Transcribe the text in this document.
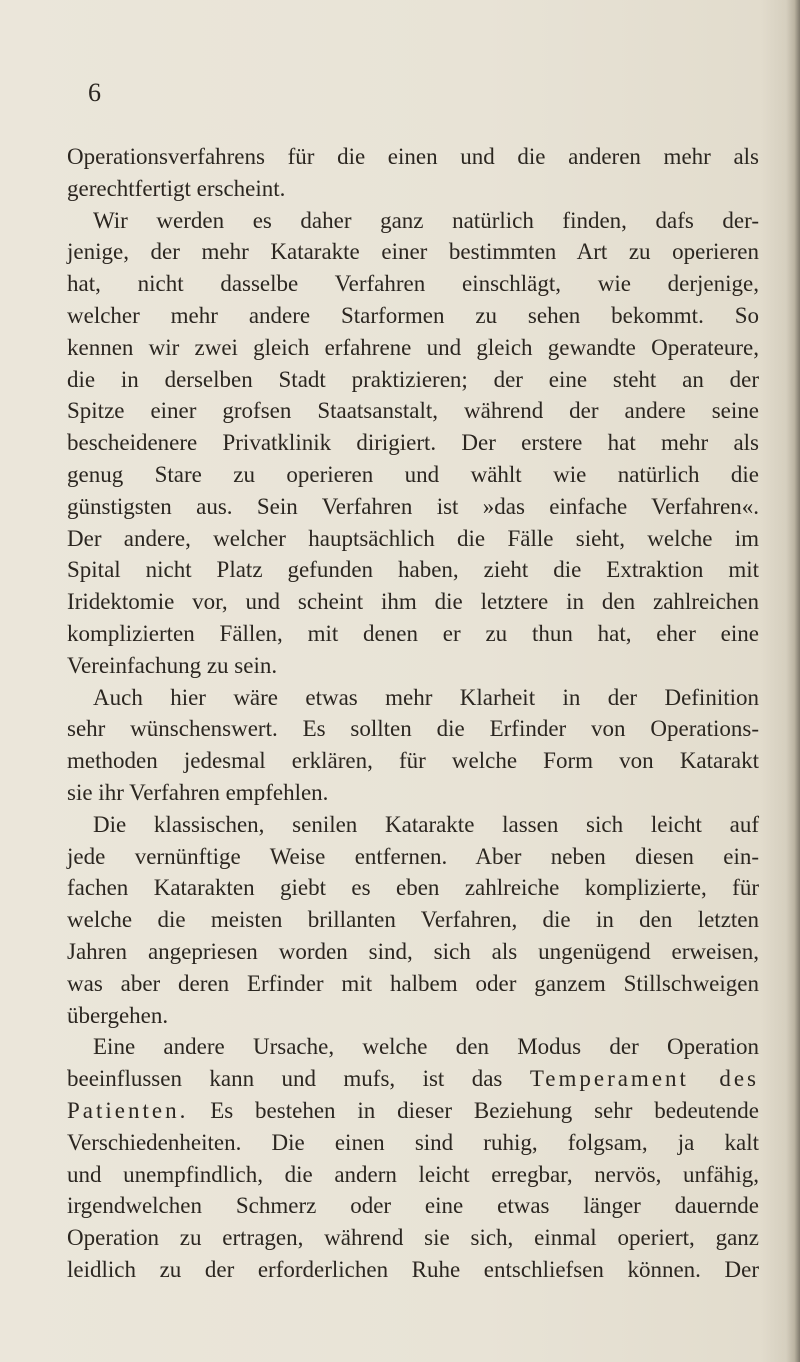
6

Operationsverfahrens für die einen und die anderen mehr als
gerechtfertigt erscheint.

Wir werden es daher ganz natürlich finden, dafs der-
jenige, der mehr Katarakte einer bestimmten Art zu operieren
hat, nicht dasselbe Verfahren einschlägt, wie derjenige,
welcher mehr andere Starformen zu sehen bekommt. So
kennen wir zwei gleich erfahrene und gleich gewandte Operateure,
die in derselben Stadt praktizieren; der eine steht an der
Spitze einer grofsen Staatsanstalt, während der andere seine
bescheidenere Privatklinik dirigiert. Der erstere hat mehr als
genug Stare zu operieren und wählt wie natürlich die
günstigsten aus. Sein Verfahren ist »das einfache Verfahren«.
Der andere, welcher hauptsächlich die Fälle sieht, welche im
Spital nicht Platz gefunden haben, zieht die Extraktion mit
Iridektomie vor, und scheint ihm die letztere in den zahlreichen
komplizierten Fällen, mit denen er zu thun hat, eher eine
Vereinfachung zu sein.

Auch hier wäre etwas mehr Klarheit in der Definition
sehr wünschenswert. Es sollten die Erfinder von Operations-
methoden jedesmal erklären, für welche Form von Katarakt
sie ihr Verfahren empfehlen.

Die klassischen, senilen Katarakte lassen sich leicht auf
jede vernünftige Weise entfernen. Aber neben diesen ein-
fachen Katarakten giebt es eben zahlreiche komplizierte, für
welche die meisten brillanten Verfahren, die in den letzten
Jahren angepriesen worden sind, sich als ungenügend erweisen,
was aber deren Erfinder mit halbem oder ganzem Stillschweigen
übergehen.

Eine andere Ursache, welche den Modus der Operation
beeinflussen kann und mufs, ist das Temperament des
Patienten. Es bestehen in dieser Beziehung sehr bedeutende
Verschiedenheiten. Die einen sind ruhig, folgsam, ja kalt
und unempfindlich, die andern leicht erregbar, nervös, unfähig,
irgendwelchen Schmerz oder eine etwas länger dauernde
Operation zu ertragen, während sie sich, einmal operiert, ganz
leidlich zu der erforderlichen Ruhe entschliefsen können. Der
